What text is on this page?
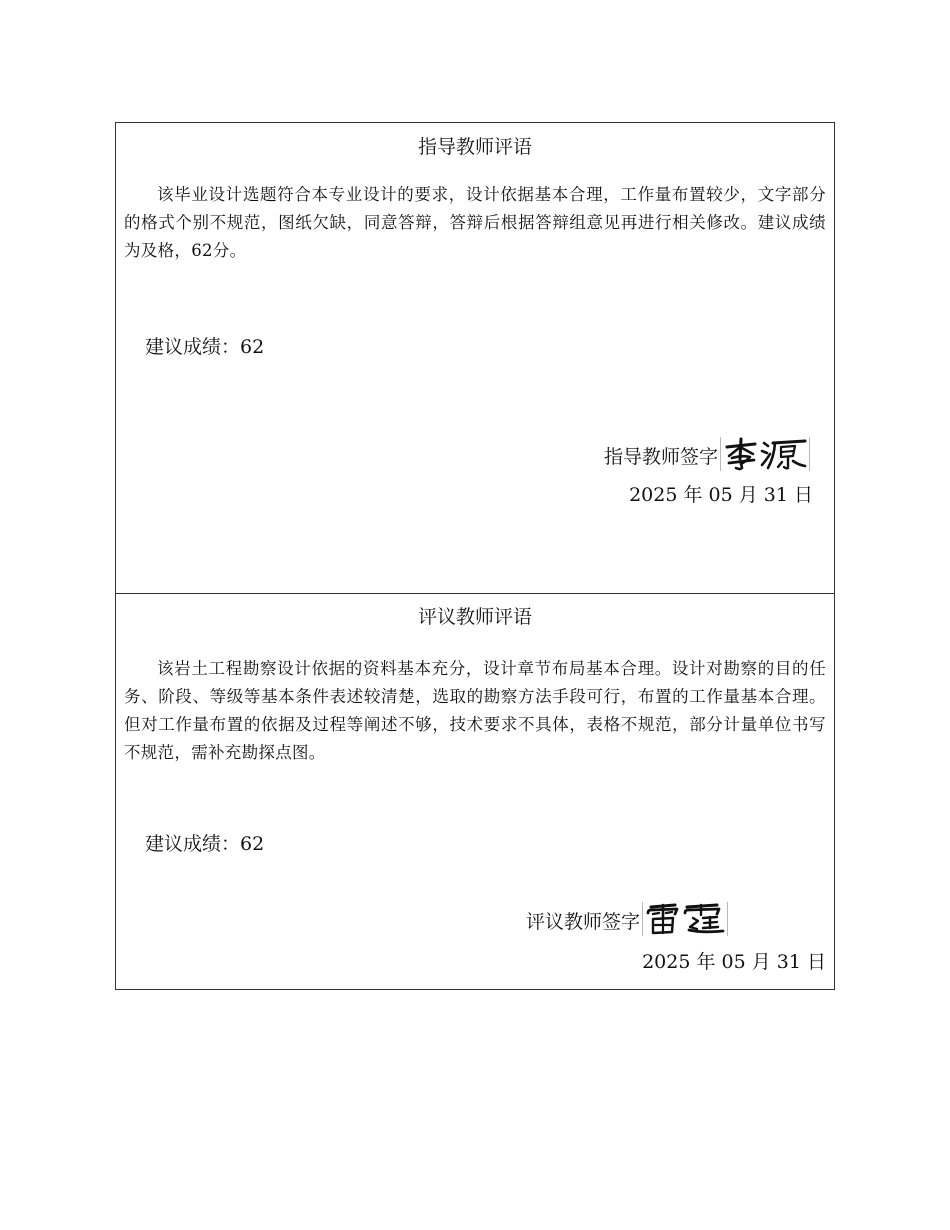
指导教师评语

该毕业设计选题符合本专业设计的要求，设计依据基本合理，工作量布置较少，文字部分的格式个别不规范，图纸欠缺，同意答辩，答辩后根据答辩组意见再进行相关修改。建议成绩为及格，62分。

建议成绩：62
指导教师签字
2025 年 05 月 31 日
评议教师评语

该岩土工程勘察设计依据的资料基本充分，设计章节布局基本合理。设计对勘察的目的任务、阶段、等级等基本条件表述较清楚，选取的勘察方法手段可行，布置的工作量基本合理。但对工作量布置的依据及过程等阐述不够，技术要求不具体，表格不规范，部分计量单位书写不规范，需补充勘探点图。

建议成绩：62
评议教师签字
2025 年 05 月 31 日
